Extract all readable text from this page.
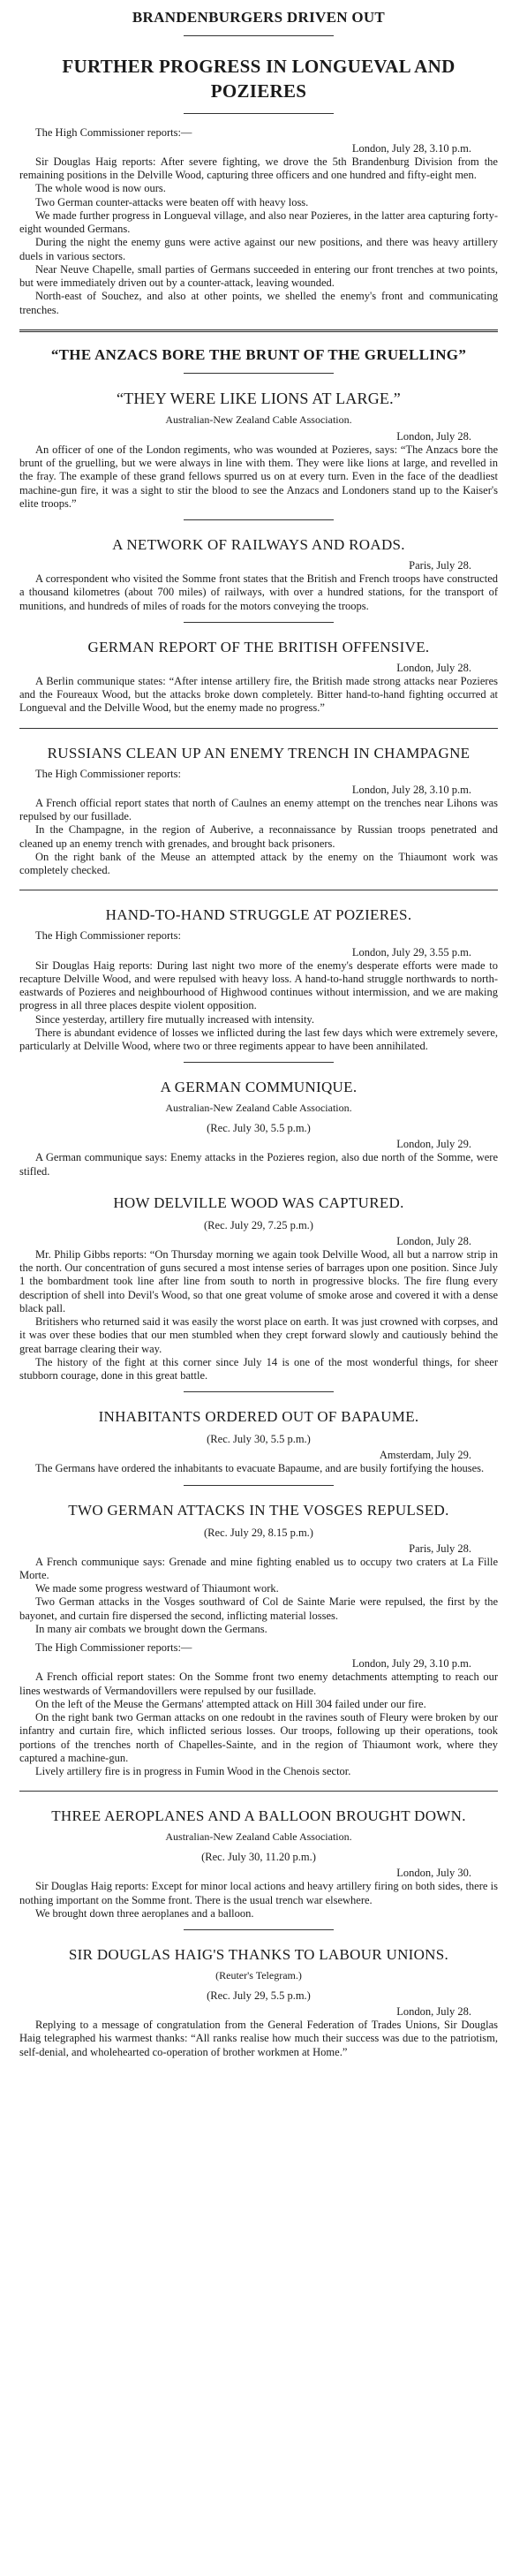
BRANDENBURGERS DRIVEN OUT
FURTHER PROGRESS IN LONGUEVAL AND POZIERES

The High Commissioner reports:—

London, July 28, 3.10 p.m.

Sir Douglas Haig reports: After severe fighting, we drove the 5th Brandenburg Division from the remaining positions in the Delville Wood, capturing three officers and one hundred and fifty-eight men.

The whole wood is now ours.

Two German counter-attacks were beaten off with heavy loss.

We made further progress in Longueval village, and also near Pozieres, in the latter area capturing forty-eight wounded Germans.

During the night the enemy guns were active against our new positions, and there was heavy artillery duels in various sectors.

Near Neuve Chapelle, small parties of Germans succeeded in entering our front trenches at two points, but were immediately driven out by a counter-attack, leaving wounded.

North-east of Souchez, and also at other points, we shelled the enemy's front and communicating trenches.

“THE ANZACS BORE THE BRUNT OF THE GRUELLING”
“THEY WERE LIKE LIONS AT LARGE.”
Australian-New Zealand Cable Association.
London, July 28.

An officer of one of the London regiments, who was wounded at Pozieres, says: “The Anzacs bore the brunt of the gruelling, but we were always in line with them. They were like lions at large, and revelled in the fray. The example of these grand fellows spurred us on at every turn. Even in the face of the deadliest machine-gun fire, it was a sight to stir the blood to see the Anzacs and Londoners stand up to the Kaiser's elite troops.”

A NETWORK OF RAILWAYS AND ROADS.
Paris, July 28.

A correspondent who visited the Somme front states that the British and French troops have constructed a thousand kilometres (about 700 miles) of railways, with over a hundred stations, for the transport of munitions, and hundreds of miles of roads for the motors conveying the troops.

GERMAN REPORT OF THE BRITISH OFFENSIVE.
London, July 28.

A Berlin communique states: “After intense artillery fire, the British made strong attacks near Pozieres and the Foureaux Wood, but the attacks broke down completely. Bitter hand-to-hand fighting occurred at Longueval and the Delville Wood, but the enemy made no progress.”

RUSSIANS CLEAN UP AN ENEMY TRENCH IN CHAMPAGNE

The High Commissioner reports:

London, July 28, 3.10 p.m.

A French official report states that north of Caulnes an enemy attempt on the trenches near Lihons was repulsed by our fusillade.

In the Champagne, in the region of Auberive, a reconnaissance by Russian troops penetrated and cleaned up an enemy trench with grenades, and brought back prisoners.

On the right bank of the Meuse an attempted attack by the enemy on the Thiaumont work was completely checked.

HAND-TO-HAND STRUGGLE AT POZIERES.

The High Commissioner reports:

London, July 29, 3.55 p.m.

Sir Douglas Haig reports: During last night two more of the enemy's desperate efforts were made to recapture Delville Wood, and were repulsed with heavy loss. A hand-to-hand struggle northwards to north-eastwards of Pozieres and neighbourhood of Highwood continues without intermission, and we are making progress in all three places despite violent opposition.

Since yesterday, artillery fire mutually increased with intensity.

There is abundant evidence of losses we inflicted during the last few days which were extremely severe, particularly at Delville Wood, where two or three regiments appear to have been annihilated.

A GERMAN COMMUNIQUE.
Australian-New Zealand Cable Association.
(Rec. July 30, 5.5 p.m.)
London, July 29.

A German communique says: Enemy attacks in the Pozieres region, also due north of the Somme, were stifled.

HOW DELVILLE WOOD WAS CAPTURED.
(Rec. July 29, 7.25 p.m.)
London, July 28.

Mr. Philip Gibbs reports: “On Thursday morning we again took Delville Wood, all but a narrow strip in the north. Our concentration of guns secured a most intense series of barrages upon one position. Since July 1 the bombardment took line after line from south to north in progressive blocks. The fire flung every description of shell into Devil's Wood, so that one great volume of smoke arose and covered it with a dense black pall.

Britishers who returned said it was easily the worst place on earth. It was just crowned with corpses, and it was over these bodies that our men stumbled when they crept forward slowly and cautiously behind the great barrage clearing their way.

The history of the fight at this corner since July 14 is one of the most wonderful things, for sheer stubborn courage, done in this great battle.

INHABITANTS ORDERED OUT OF BAPAUME.
(Rec. July 30, 5.5 p.m.)
Amsterdam, July 29.

The Germans have ordered the inhabitants to evacuate Bapaume, and are busily fortifying the houses.

TWO GERMAN ATTACKS IN THE VOSGES REPULSED.
(Rec. July 29, 8.15 p.m.)
Paris, July 28.

A French communique says: Grenade and mine fighting enabled us to occupy two craters at La Fille Morte.

We made some progress westward of Thiaumont work.

Two German attacks in the Vosges southward of Col de Sainte Marie were repulsed, the first by the bayonet, and curtain fire dispersed the second, inflicting material losses.

In many air combats we brought down the Germans.

The High Commissioner reports:—

London, July 29, 3.10 p.m.

A French official report states: On the Somme front two enemy detachments attempting to reach our lines westwards of Vermandovillers were repulsed by our fusillade.

On the left of the Meuse the Germans' attempted attack on Hill 304 failed under our fire.

On the right bank two German attacks on one redoubt in the ravines south of Fleury were broken by our infantry and curtain fire, which inflicted serious losses. Our troops, following up their operations, took portions of the trenches north of Chapelles-Sainte, and in the region of Thiaumont work, where they captured a machine-gun.

Lively artillery fire is in progress in Fumin Wood in the Chenois sector.

THREE AEROPLANES AND A BALLOON BROUGHT DOWN.
Australian-New Zealand Cable Association.
(Rec. July 30, 11.20 p.m.)
London, July 30.

Sir Douglas Haig reports: Except for minor local actions and heavy artillery firing on both sides, there is nothing important on the Somme front. There is the usual trench war elsewhere.

We brought down three aeroplanes and a balloon.

SIR DOUGLAS HAIG'S THANKS TO LABOUR UNIONS.
(Reuter's Telegram.)
(Rec. July 29, 5.5 p.m.)
London, July 28.

Replying to a message of congratulation from the General Federation of Trades Unions, Sir Douglas Haig telegraphed his warmest thanks: “All ranks realise how much their success was due to the patriotism, self-denial, and wholehearted co-operation of brother workmen at Home.”
